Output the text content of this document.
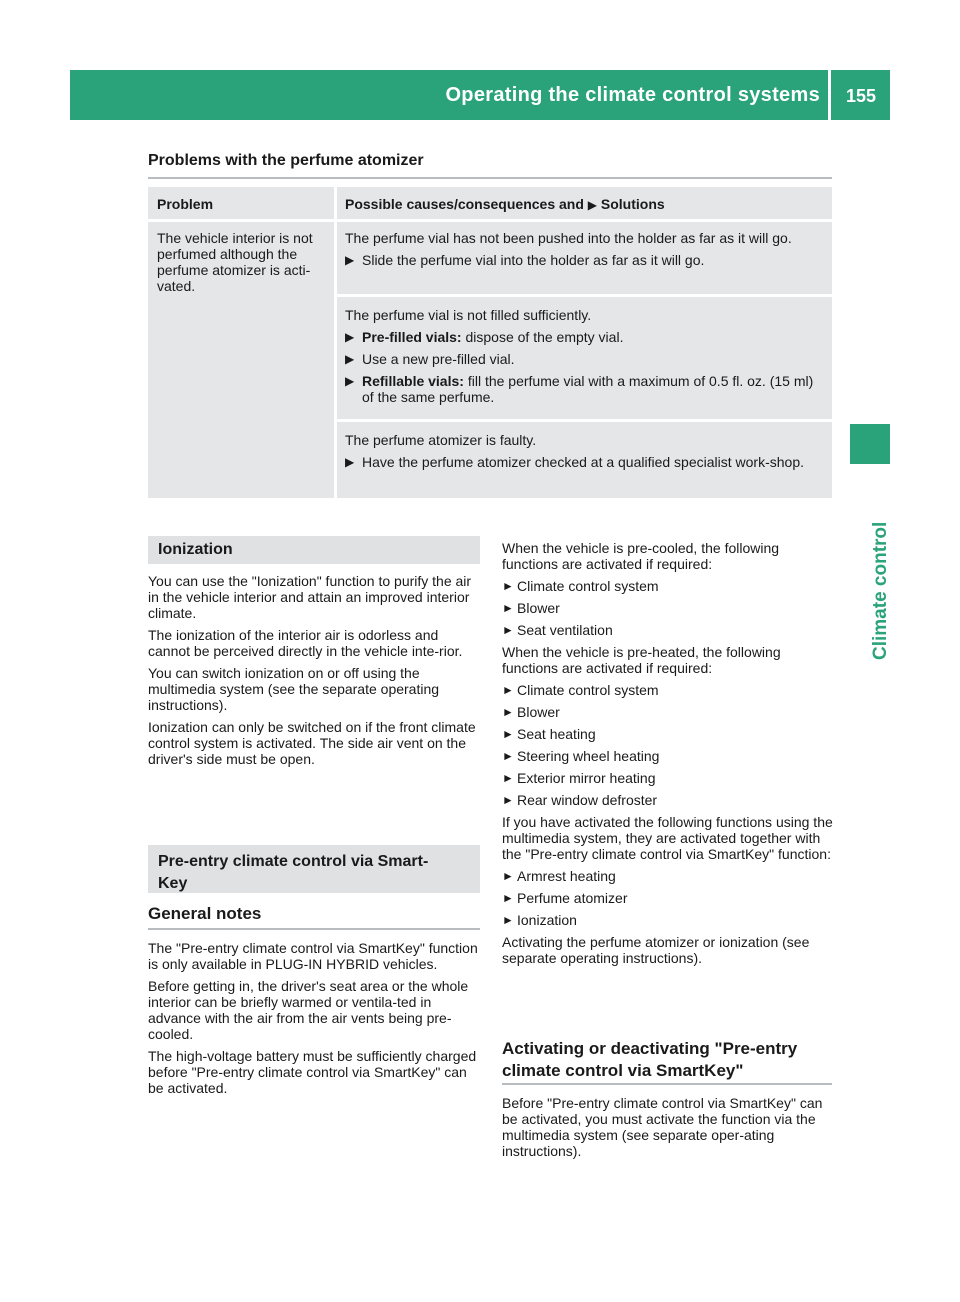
Operating the climate control systems 155
Climate control
Problems with the perfume atomizer
Problem	Possible causes/consequences and ▶ Solutions
The vehicle interior is not perfumed although the perfume atomizer is acti-vated.

The perfume vial has not been pushed into the holder as far as it will go.

▶ Slide the perfume vial into the holder as far as it will go.

The perfume vial is not filled sufficiently.

▶ Pre-filled vials: dispose of the empty vial.
▶ Use a new pre-filled vial.
▶ Refillable vials: fill the perfume vial with a maximum of 0.5 fl. oz. (15 ml) of the same perfume.

The perfume atomizer is faulty.

▶ Have the perfume atomizer checked at a qualified specialist work-shop.
Ionization

You can use the "Ionization" function to purify the air in the vehicle interior and attain an improved interior climate.

The ionization of the interior air is odorless and cannot be perceived directly in the vehicle inte-rior.

You can switch ionization on or off using the multimedia system (see the separate operating instructions).

Ionization can only be switched on if the front climate control system is activated. The side air vent on the driver's side must be open.

Pre-entry climate control via Smart-
Key
General notes

The "Pre-entry climate control via SmartKey" function is only available in PLUG-IN HYBRID vehicles.

Before getting in, the driver's seat area or the whole interior can be briefly warmed or ventila-ted in advance with the air from the air vents being pre-cooled.

The high-voltage battery must be sufficiently charged before "Pre-entry climate control via SmartKey" can be activated.

When the vehicle is pre-cooled, the following functions are activated if required:

► Climate control system
► Blower
► Seat ventilation

When the vehicle is pre-heated, the following functions are activated if required:

► Climate control system
► Blower
► Seat heating
► Steering wheel heating
► Exterior mirror heating
► Rear window defroster

If you have activated the following functions using the multimedia system, they are activated together with the "Pre-entry climate control via SmartKey" function:

► Armrest heating
► Perfume atomizer
► Ionization

Activating the perfume atomizer or ionization (see separate operating instructions).

Activating or deactivating "Pre-entry
climate control via SmartKey"

Before "Pre-entry climate control via SmartKey" can be activated, you must activate the function via the multimedia system (see separate oper-ating instructions).
